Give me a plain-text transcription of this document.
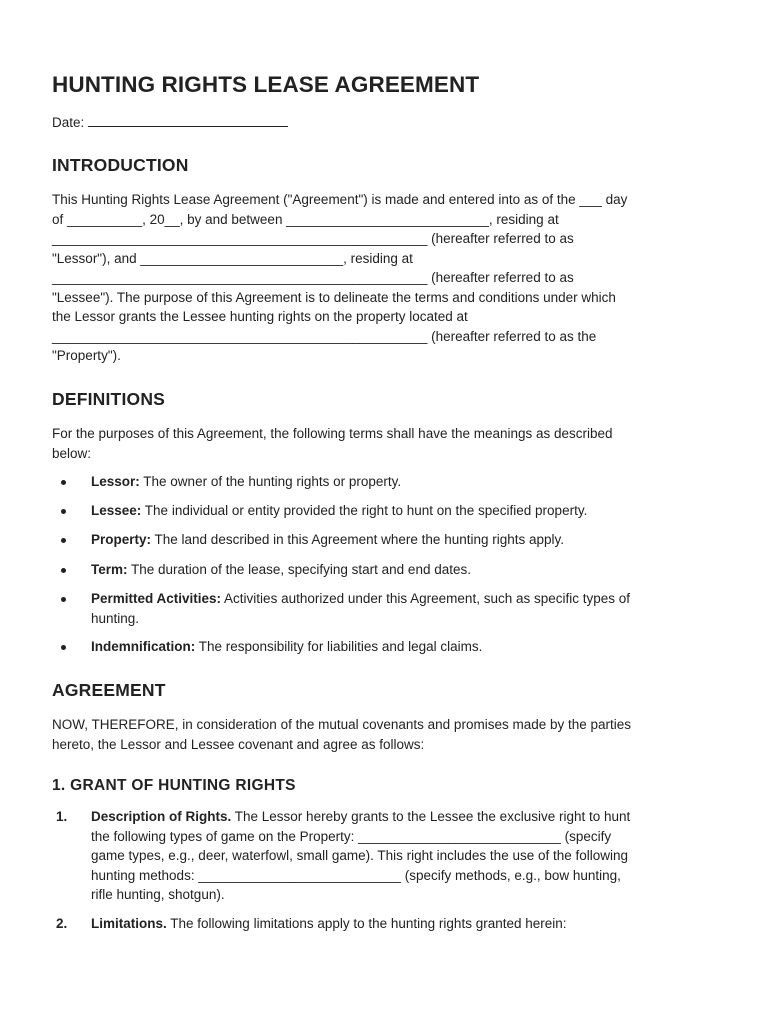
HUNTING RIGHTS LEASE AGREEMENT
Date:
INTRODUCTION
This Hunting Rights Lease Agreement ("Agreement") is made and entered into as of the ___ day
of __________, 20__, by and between ___________________________, residing at
__________________________________________________ (hereafter referred to as
"Lessor"), and ___________________________, residing at
__________________________________________________ (hereafter referred to as
"Lessee"). The purpose of this Agreement is to delineate the terms and conditions under which
the Lessor grants the Lessee hunting rights on the property located at
__________________________________________________ (hereafter referred to as the
"Property").
DEFINITIONS
For the purposes of this Agreement, the following terms shall have the meanings as described
below:
Lessor: The owner of the hunting rights or property.
Lessee: The individual or entity provided the right to hunt on the specified property.
Property: The land described in this Agreement where the hunting rights apply.
Term: The duration of the lease, specifying start and end dates.
Permitted Activities: Activities authorized under this Agreement, such as specific types of
hunting.
Indemnification: The responsibility for liabilities and legal claims.
AGREEMENT
NOW, THEREFORE, in consideration of the mutual covenants and promises made by the parties
hereto, the Lessor and Lessee covenant and agree as follows:
1. GRANT OF HUNTING RIGHTS
1. Description of Rights. The Lessor hereby grants to the Lessee the exclusive right to hunt
the following types of game on the Property: ___________________________ (specify
game types, e.g., deer, waterfowl, small game). This right includes the use of the following
hunting methods: ___________________________ (specify methods, e.g., bow hunting,
rifle hunting, shotgun).
2. Limitations. The following limitations apply to the hunting rights granted herein:
